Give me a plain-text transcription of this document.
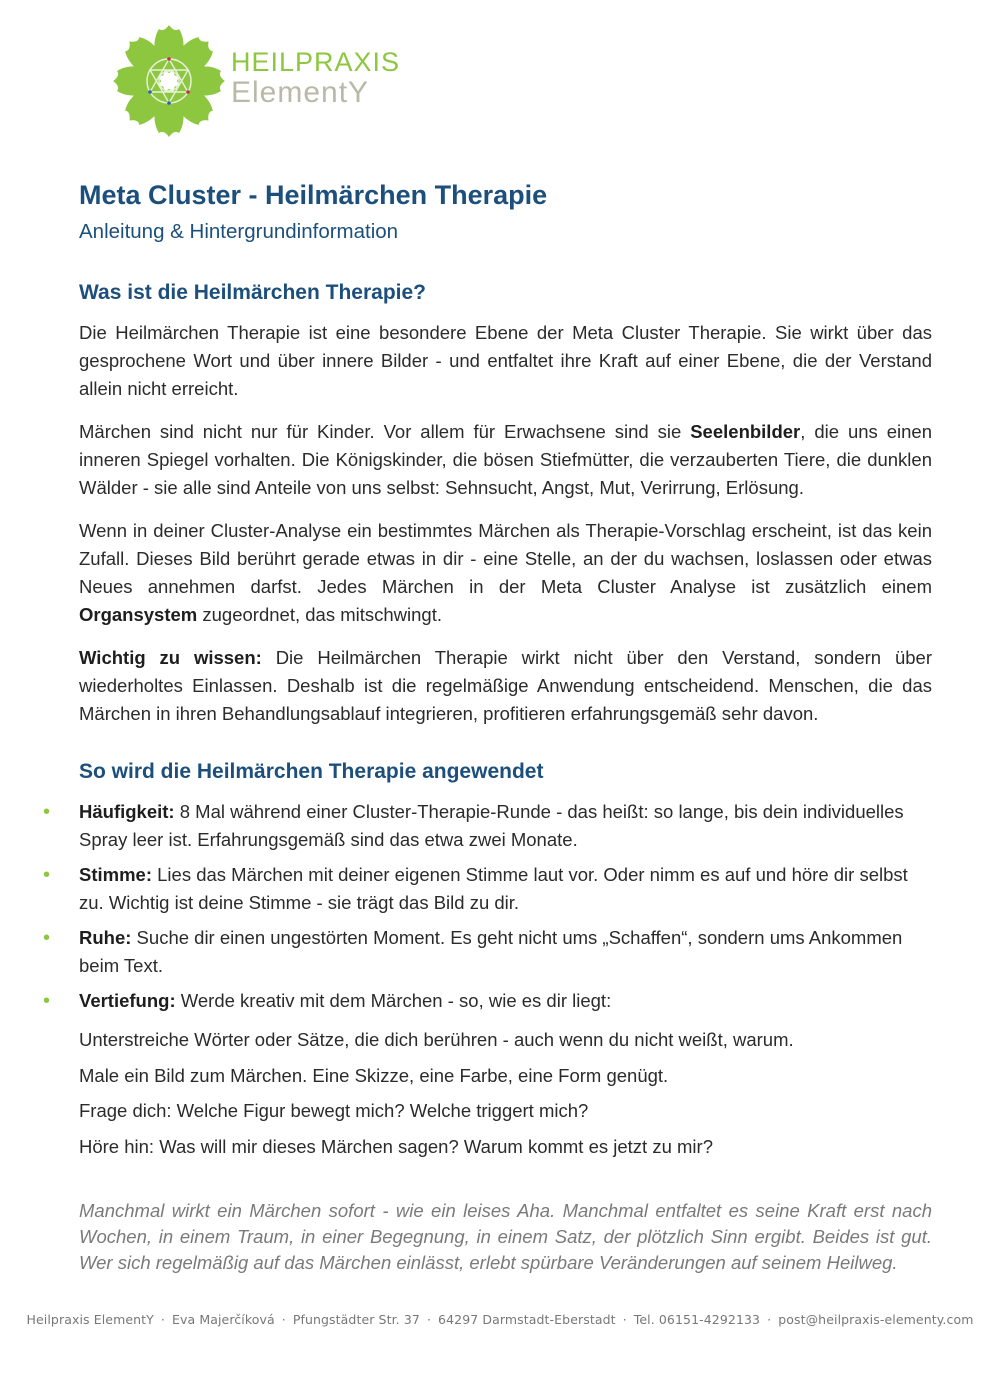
HEILPRAXIS
ElementY
Meta Cluster - Heilmärchen Therapie
Anleitung & Hintergrundinformation
Was ist die Heilmärchen Therapie?

Die Heilmärchen Therapie ist eine besondere Ebene der Meta Cluster Therapie. Sie wirkt über das gesprochene Wort und über innere Bilder - und entfaltet ihre Kraft auf einer Ebene, die der Verstand allein nicht erreicht.

Märchen sind nicht nur für Kinder. Vor allem für Erwachsene sind sie Seelenbilder, die uns einen inneren Spiegel vorhalten. Die Königskinder, die bösen Stiefmütter, die verzauberten Tiere, die dunklen Wälder - sie alle sind Anteile von uns selbst: Sehnsucht, Angst, Mut, Verirrung, Erlösung.

Wenn in deiner Cluster-Analyse ein bestimmtes Märchen als Therapie-Vorschlag erscheint, ist das kein Zufall. Dieses Bild berührt gerade etwas in dir - eine Stelle, an der du wachsen, loslassen oder etwas Neues annehmen darfst. Jedes Märchen in der Meta Cluster Analyse ist zusätzlich einem Organsystem zugeordnet, das mitschwingt.

Wichtig zu wissen: Die Heilmärchen Therapie wirkt nicht über den Verstand, sondern über wiederholtes Einlassen. Deshalb ist die regelmäßige Anwendung entscheidend. Menschen, die das Märchen in ihren Behandlungsablauf integrieren, profitieren erfahrungsgemäß sehr davon.

So wird die Heilmärchen Therapie angewendet
• Häufigkeit: 8 Mal während einer Cluster-Therapie-Runde - das heißt: so lange, bis dein individuelles Spray leer ist. Erfahrungsgemäß sind das etwa zwei Monate.
• Stimme: Lies das Märchen mit deiner eigenen Stimme laut vor. Oder nimm es auf und höre dir selbst zu. Wichtig ist deine Stimme - sie trägt das Bild zu dir.
• Ruhe: Suche dir einen ungestörten Moment. Es geht nicht ums „Schaffen“, sondern ums Ankommen beim Text.
• Vertiefung: Werde kreativ mit dem Märchen - so, wie es dir liegt:

Unterstreiche Wörter oder Sätze, die dich berühren - auch wenn du nicht weißt, warum.

Male ein Bild zum Märchen. Eine Skizze, eine Farbe, eine Form genügt.

Frage dich: Welche Figur bewegt mich? Welche triggert mich?

Höre hin: Was will mir dieses Märchen sagen? Warum kommt es jetzt zu mir?

Manchmal wirkt ein Märchen sofort - wie ein leises Aha. Manchmal entfaltet es seine Kraft erst nach Wochen, in einem Traum, in einer Begegnung, in einem Satz, der plötzlich Sinn ergibt. Beides ist gut. Wer sich regelmäßig auf das Märchen einlässt, erlebt spürbare Veränderungen auf seinem Heilweg.

Heilpraxis ElementY · Eva Majerčíková · Pfungstädter Str. 37 · 64297 Darmstadt-Eberstadt · Tel. 06151-4292133 · post@heilpraxis-elementy.com
